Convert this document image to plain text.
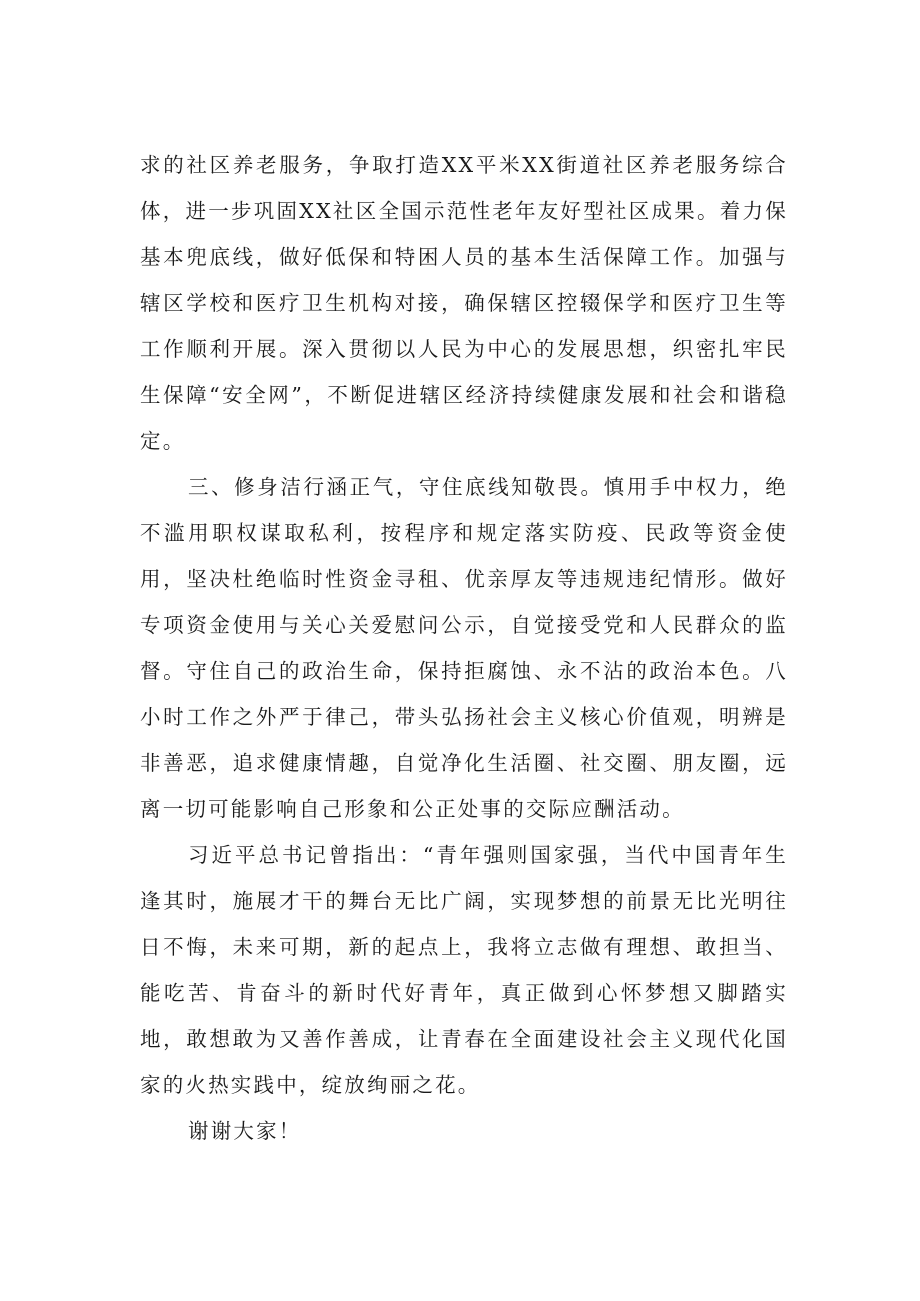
求的社区养老服务，争取打造XX平米XX街道社区养老服务综合体，进一步巩固XX社区全国示范性老年友好型社区成果。着力保基本兜底线，做好低保和特困人员的基本生活保障工作。加强与辖区学校和医疗卫生机构对接，确保辖区控辍保学和医疗卫生等工作顺利开展。深入贯彻以人民为中心的发展思想，织密扎牢民生保障“安全网”，不断促进辖区经济持续健康发展和社会和谐稳定。

三、修身洁行涵正气，守住底线知敬畏。慎用手中权力，绝不滥用职权谋取私利，按程序和规定落实防疫、民政等资金使用，坚决杜绝临时性资金寻租、优亲厚友等违规违纪情形。做好专项资金使用与关心关爱慰问公示，自觉接受党和人民群众的监督。守住自己的政治生命，保持拒腐蚀、永不沾的政治本色。八小时工作之外严于律己，带头弘扬社会主义核心价值观，明辨是非善恶，追求健康情趣，自觉净化生活圈、社交圈、朋友圈，远离一切可能影响自己形象和公正处事的交际应酬活动。

习近平总书记曾指出：“青年强则国家强，当代中国青年生逢其时，施展才干的舞台无比广阔，实现梦想的前景无比光明往日不悔，未来可期，新的起点上，我将立志做有理想、敢担当、能吃苦、肯奋斗的新时代好青年，真正做到心怀梦想又脚踏实地，敢想敢为又善作善成，让青春在全面建设社会主义现代化国家的火热实践中，绽放绚丽之花。

谢谢大家！
